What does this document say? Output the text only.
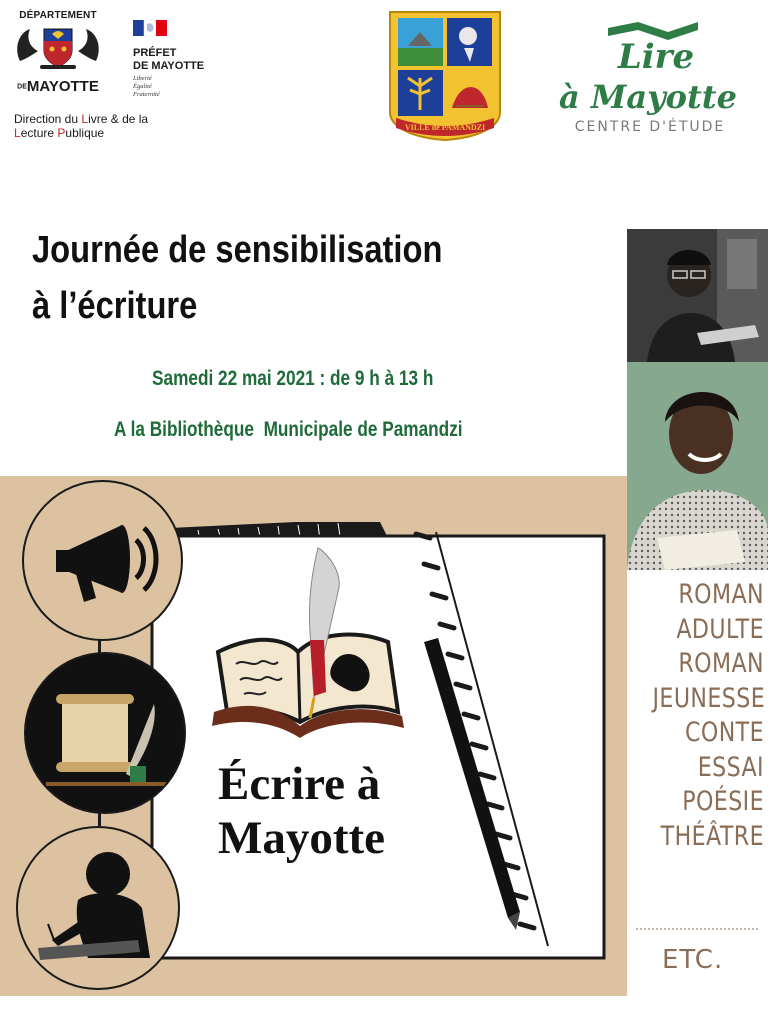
DÉPARTEMENT
DEMAYOTTE
Direction du Livre & de la
Lecture Publique
PRÉFET
DE MAYOTTE
Liberté
Égalité
Fraternité
VILLE de PAMANDZI
Lire
à Mayotte
CENTRE D'ÉTUDE
Journée de sensibilisation
à l’écriture
Samedi 22 mai 2021 : de 9 h à 13 h
A la Bibliothèque  Municipale de Pamandzi
ROMAN
ADULTE
ROMAN
JEUNESSE
CONTE
ESSAI
POÉSIE
THÉÂTRE
ETC.
Écrire à
Mayotte
